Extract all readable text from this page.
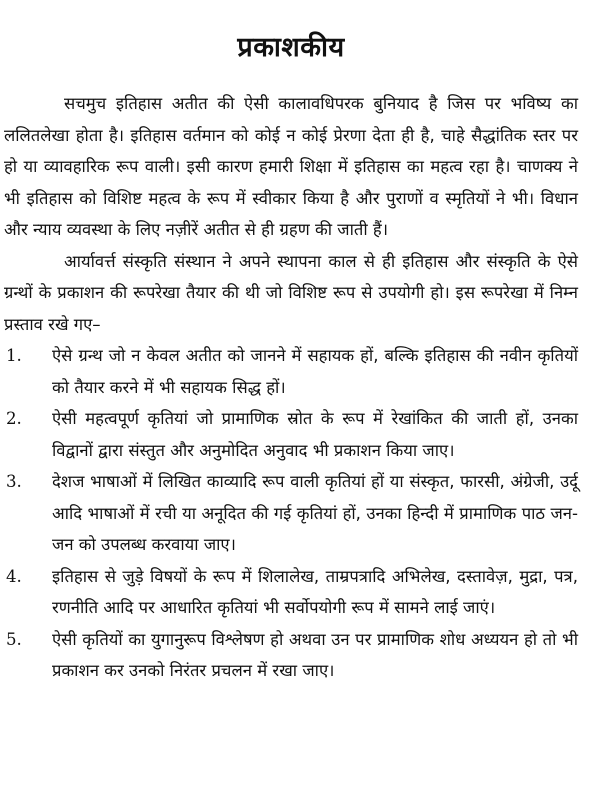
प्रकाशकीय

सचमुच इतिहास अतीत की ऐसी कालावधिपरक बुनियाद है जिस पर भविष्य का ललितलेखा होता है। इतिहास वर्तमान को कोई न कोई प्रेरणा देता ही है, चाहे सैद्धांतिक स्तर पर हो या व्यावहारिक रूप वाली। इसी कारण हमारी शिक्षा में इतिहास का महत्व रहा है। चाणक्य ने भी इतिहास को विशिष्ट महत्व के रूप में स्वीकार किया है और पुराणों व स्मृतियों ने भी। विधान और न्याय व्यवस्था के लिए नज़ीरें अतीत से ही ग्रहण की जाती हैं।

आर्यावर्त्त संस्कृति संस्थान ने अपने स्थापना काल से ही इतिहास और संस्कृति के ऐसे ग्रन्थों के प्रकाशन की रूपरेखा तैयार की थी जो विशिष्ट रूप से उपयोगी हो। इस रूपरेखा में निम्न प्रस्ताव रखे गए–

1.	ऐसे ग्रन्थ जो न केवल अतीत को जानने में सहायक हों, बल्कि इतिहास की नवीन कृतियों को तैयार करने में भी सहायक सिद्ध हों।
2.	ऐसी महत्वपूर्ण कृतियां जो प्रामाणिक स्रोत के रूप में रेखांकित की जाती हों, उनका विद्वानों द्वारा संस्तुत और अनुमोदित अनुवाद भी प्रकाशन किया जाए।
3.	देशज भाषाओं में लिखित काव्यादि रूप वाली कृतियां हों या संस्कृत, फारसी, अंग्रेजी, उर्दू आदि भाषाओं में रची या अनूदित की गई कृतियां हों, उनका हिन्दी में प्रामाणिक पाठ जन-जन को उपलब्ध करवाया जाए।
4.	इतिहास से जुड़े विषयों के रूप में शिलालेख, ताम्रपत्रादि अभिलेख, दस्तावेज़, मुद्रा, पत्र, रणनीति आदि पर आधारित कृतियां भी सर्वोपयोगी रूप में सामने लाई जाएं।
5.	ऐसी कृतियों का युगानुरूप विश्लेषण हो अथवा उन पर प्रामाणिक शोध अध्ययन हो तो भी प्रकाशन कर उनको निरंतर प्रचलन में रखा जाए।
